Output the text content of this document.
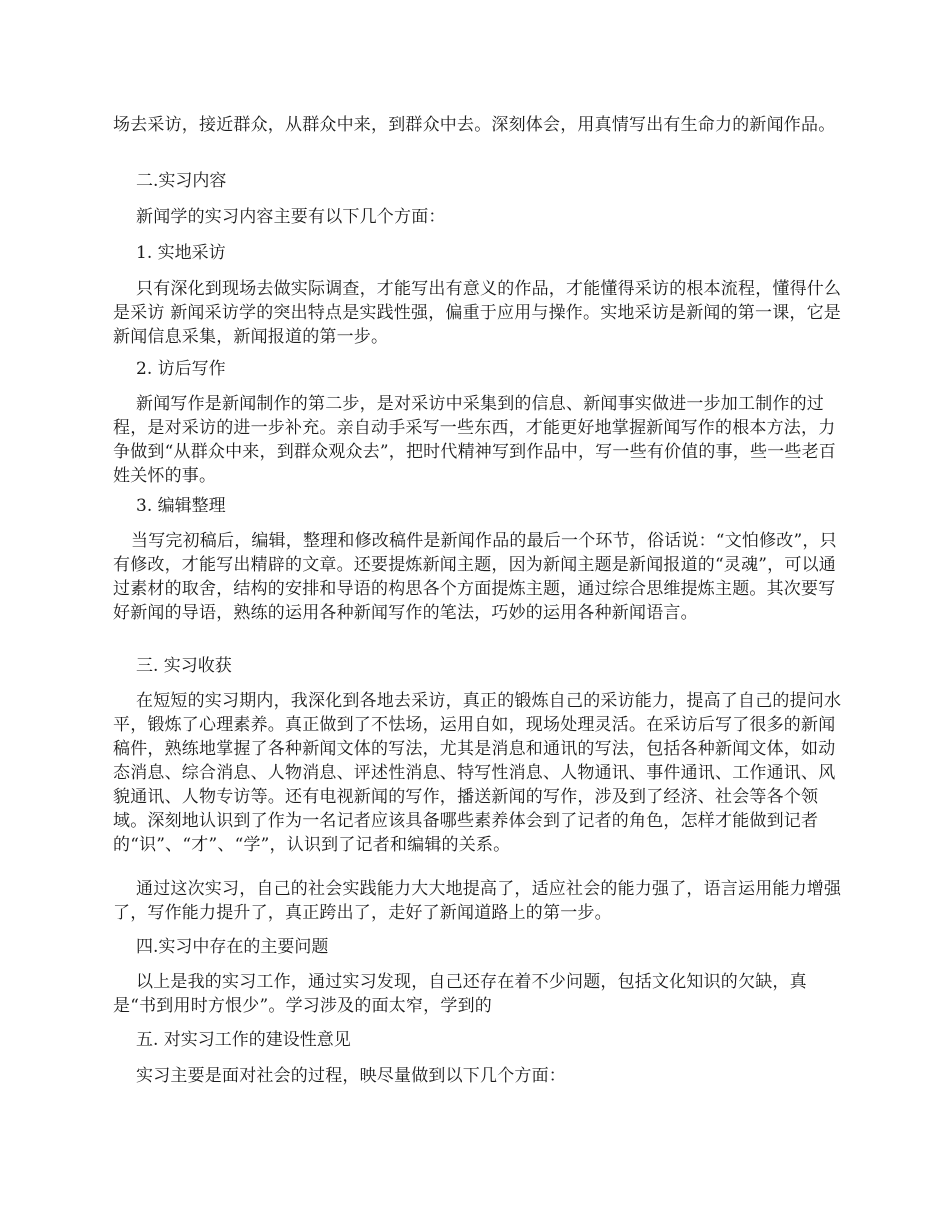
场去采访，接近群众，从群众中来，到群众中去。深刻体会，用真情写出有生命力的新闻作品。

二.实习内容

新闻学的实习内容主要有以下几个方面：

1. 实地采访

只有深化到现场去做实际调查，才能写出有意义的作品，才能懂得采访的根本流程，懂得什么是采访 新闻采访学的突出特点是实践性强，偏重于应用与操作。实地采访是新闻的第一课，它是新闻信息采集，新闻报道的第一步。

2. 访后写作

新闻写作是新闻制作的第二步，是对采访中采集到的信息、新闻事实做进一步加工制作的过程，是对采访的进一步补充。亲自动手采写一些东西，才能更好地掌握新闻写作的根本方法，力争做到“从群众中来，到群众观众去”，把时代精神写到作品中，写一些有价值的事，些一些老百姓关怀的事。

3. 编辑整理

当写完初稿后，编辑，整理和修改稿件是新闻作品的最后一个环节，俗话说：“文怕修改”，只有修改，才能写出精辟的文章。还要提炼新闻主题，因为新闻主题是新闻报道的“灵魂”，可以通过素材的取舍，结构的安排和导语的构思各个方面提炼主题，通过综合思维提炼主题。其次要写好新闻的导语，熟练的运用各种新闻写作的笔法，巧妙的运用各种新闻语言。

三. 实习收获

在短短的实习期内，我深化到各地去采访，真正的锻炼自己的采访能力，提高了自己的提问水平，锻炼了心理素养。真正做到了不怯场，运用自如，现场处理灵活。在采访后写了很多的新闻稿件，熟练地掌握了各种新闻文体的写法，尤其是消息和通讯的写法，包括各种新闻文体，如动态消息、综合消息、人物消息、评述性消息、特写性消息、人物通讯、事件通讯、工作通讯、风貌通讯、人物专访等。还有电视新闻的写作，播送新闻的写作，涉及到了经济、社会等各个领域。深刻地认识到了作为一名记者应该具备哪些素养体会到了记者的角色，怎样才能做到记者的“识”、“才”、“学”，认识到了记者和编辑的关系。

通过这次实习，自己的社会实践能力大大地提高了，适应社会的能力强了，语言运用能力增强了，写作能力提升了，真正跨出了，走好了新闻道路上的第一步。

四.实习中存在的主要问题

以上是我的实习工作，通过实习发现，自己还存在着不少问题，包括文化知识的欠缺，真是“书到用时方恨少”。学习涉及的面太窄，学到的

五. 对实习工作的建设性意见

实习主要是面对社会的过程，映尽量做到以下几个方面：
